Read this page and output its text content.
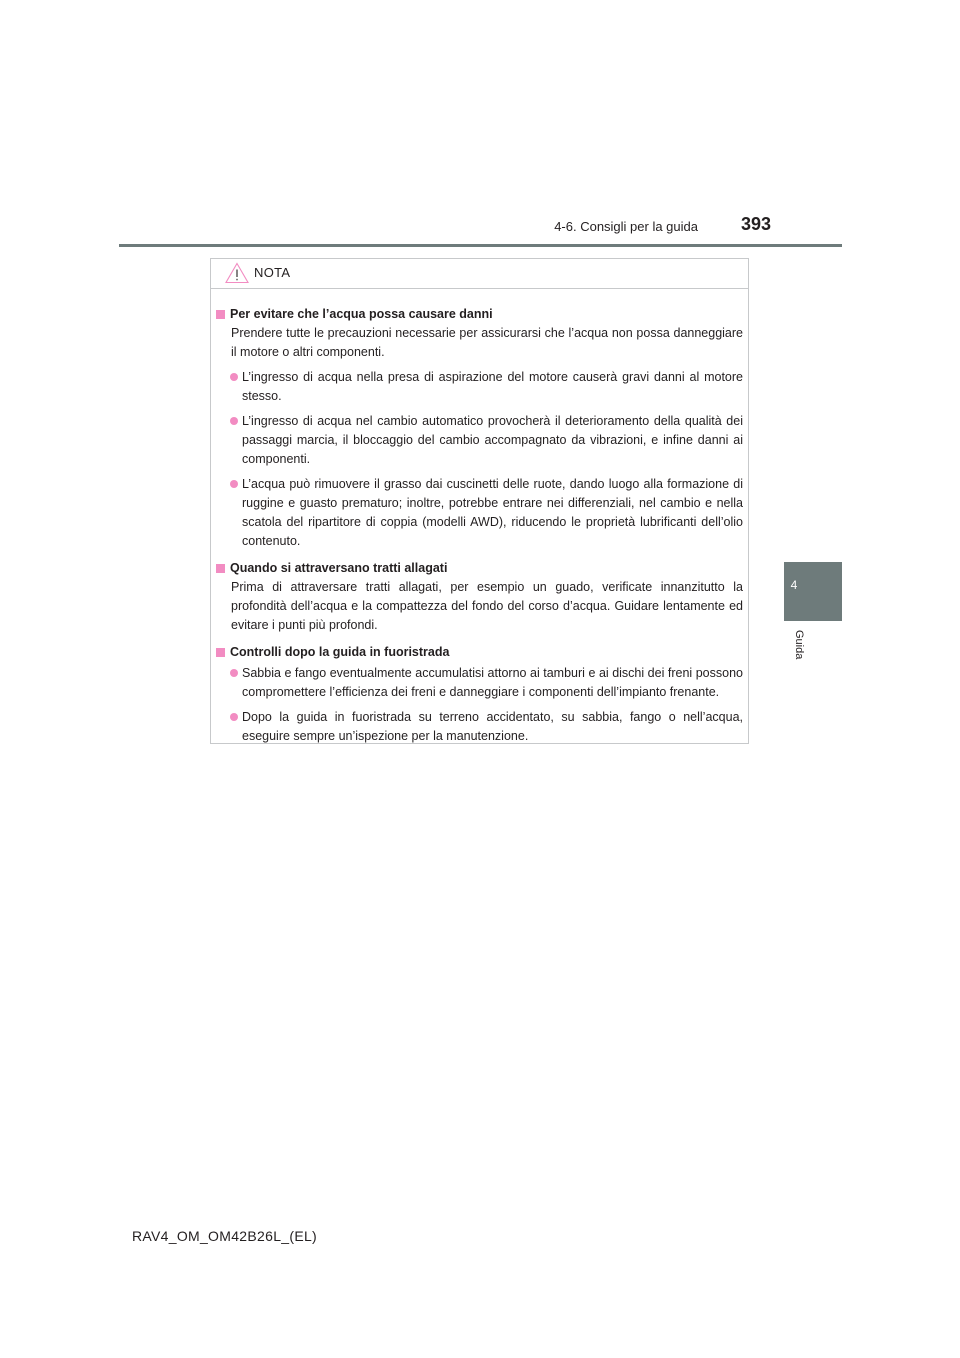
4-6. Consigli per la guida 393
4
Guida
NOTA
Per evitare che l’acqua possa causare danni
Prendere tutte le precauzioni necessarie per assicurarsi che l’acqua non possa danneggiare il motore o altri componenti.
L’ingresso di acqua nella presa di aspirazione del motore causerà gravi danni al motore stesso.
L’ingresso di acqua nel cambio automatico provocherà il deterioramento della qualità dei passaggi marcia, il bloccaggio del cambio accompagnato da vibrazioni, e infine danni ai componenti.
L’acqua può rimuovere il grasso dai cuscinetti delle ruote, dando luogo alla formazione di ruggine e guasto prematuro; inoltre, potrebbe entrare nei differenziali, nel cambio e nella scatola del ripartitore di coppia (modelli AWD), riducendo le proprietà lubrificanti dell’olio contenuto.
Quando si attraversano tratti allagati
Prima di attraversare tratti allagati, per esempio un guado, verificate innanzitutto la profondità dell’acqua e la compattezza del fondo del corso d’acqua. Guidare lentamente ed evitare i punti più profondi.
Controlli dopo la guida in fuoristrada
Sabbia e fango eventualmente accumulatisi attorno ai tamburi e ai dischi dei freni possono compromettere l’efficienza dei freni e danneggiare i componenti dell’impianto frenante.
Dopo la guida in fuoristrada su terreno accidentato, su sabbia, fango o nell’acqua, eseguire sempre un’ispezione per la manutenzione.
RAV4_OM_OM42B26L_(EL)
